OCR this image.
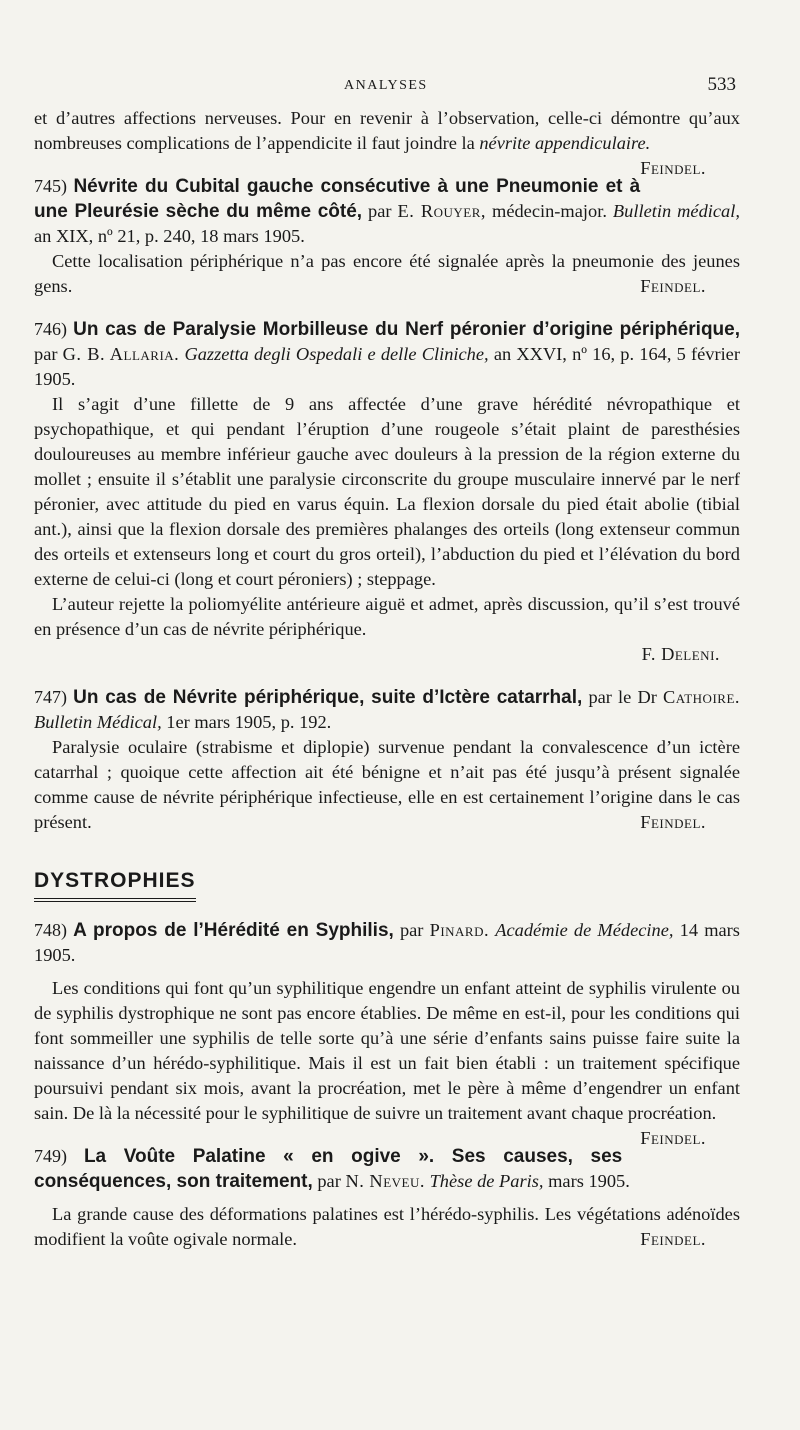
ANALYSES	533

et d’autres affections nerveuses. Pour en revenir à l’observation, celle-ci démontre qu’aux nombreuses complications de l’appendicite il faut joindre la névrite appendiculaire.
Feindel.

745) Névrite du Cubital gauche consécutive à une Pneumonie et à une Pleurésie sèche du même côté, par E. Rouyer, médecin-major. Bulletin médical, an XIX, nº 21, p. 240, 18 mars 1905.

Cette localisation périphérique n’a pas encore été signalée après la pneumonie des jeunes gens.	Feindel.

746) Un cas de Paralysie Morbilleuse du Nerf péronier d’origine périphérique, par G. B. Allaria. Gazzetta degli Ospedali e delle Cliniche, an XXVI, nº 16, p. 164, 5 février 1905.

Il s’agit d’une fillette de 9 ans affectée d’une grave hérédité névropathique et psychopathique, et qui pendant l’éruption d’une rougeole s’était plaint de paresthésies douloureuses au membre inférieur gauche avec douleurs à la pression de la région externe du mollet ; ensuite il s’établit une paralysie circonscrite du groupe musculaire innervé par le nerf péronier, avec attitude du pied en varus équin. La flexion dorsale du pied était abolie (tibial ant.), ainsi que la flexion dorsale des premières phalanges des orteils (long extenseur commun des orteils et extenseurs long et court du gros orteil), l’abduction du pied et l’élévation du bord externe de celui-ci (long et court péroniers) ; steppage.

L’auteur rejette la poliomyélite antérieure aiguë et admet, après discussion, qu’il s’est trouvé en présence d’un cas de névrite périphérique.

F. Deleni.

747) Un cas de Névrite périphérique, suite d’Ictère catarrhal, par le Dr Cathoire. Bulletin Médical, 1er mars 1905, p. 192.

Paralysie oculaire (strabisme et diplopie) survenue pendant la convalescence d’un ictère catarrhal ; quoique cette affection ait été bénigne et n’ait pas été jusqu’à présent signalée comme cause de névrite périphérique infectieuse, elle en est certainement l’origine dans le cas présent.	Feindel.

DYSTROPHIES

748) A propos de l’Hérédité en Syphilis, par Pinard. Académie de Médecine, 14 mars 1905.

Les conditions qui font qu’un syphilitique engendre un enfant atteint de syphilis virulente ou de syphilis dystrophique ne sont pas encore établies. De même en est-il, pour les conditions qui font sommeiller une syphilis de telle sorte qu’à une série d’enfants sains puisse faire suite la naissance d’un hérédo-syphilitique. Mais il est un fait bien établi : un traitement spécifique poursuivi pendant six mois, avant la procréation, met le père à même d’engendrer un enfant sain. De là la nécessité pour le syphilitique de suivre un traitement avant chaque procréation.
Feindel.

749) La Voûte Palatine « en ogive ». Ses causes, ses conséquences, son traitement, par N. Neveu. Thèse de Paris, mars 1905.

La grande cause des déformations palatines est l’hérédo-syphilis. Les végétations adénoïdes modifient la voûte ogivale normale.	Feindel.
